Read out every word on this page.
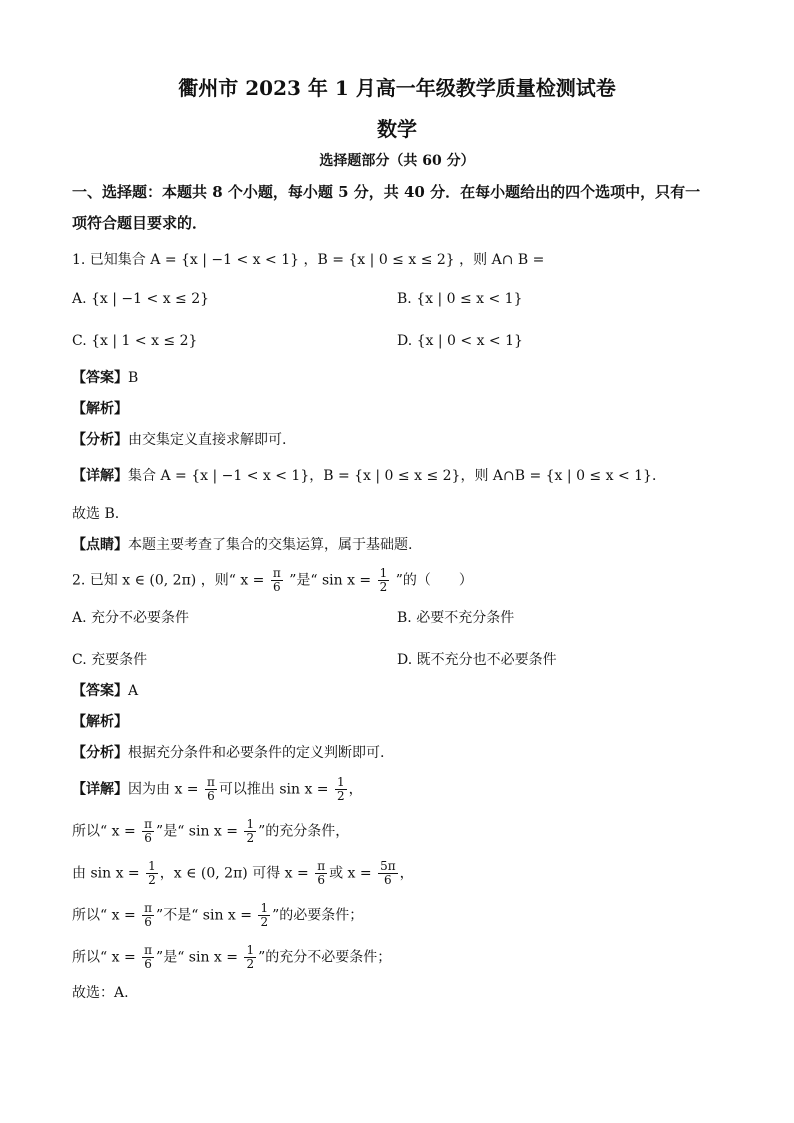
衢州市 2023 年 1 月高一年级教学质量检测试卷
数学
选择题部分（共 60 分）
一、选择题：本题共 8 个小题，每小题 5 分，共 40 分．在每小题给出的四个选项中，只有一
项符合题目要求的．
1. 已知集合 A = {x | −1 < x < 1} ，B = {x | 0 ≤ x ≤ 2} ，则 A∩ B =
A. {x | −1 < x ≤ 2}	B. {x | 0 ≤ x < 1}
C. {x | 1 < x ≤ 2}	D. {x | 0 < x < 1}
【答案】B
【解析】
【分析】由交集定义直接求解即可.
【详解】集合 A = {x | −1 < x < 1}，B = {x | 0 ≤ x ≤ 2}，则 A∩B = {x | 0 ≤ x < 1}．
故选 B.
【点睛】本题主要考查了集合的交集运算，属于基础题.
2. 已知 x ∈ (0, 2π) ，则“ $x = \frac{\pi}{6}$ ”是“ $\sin x = \frac{1}{2}$ ”的（　　）
A. 充分不必要条件	B. 必要不充分条件
C. 充要条件	D. 既不充分也不必要条件
【答案】A
【解析】
【分析】根据充分条件和必要条件的定义判断即可.
【详解】因为由 $x = \frac{\pi}{6}$ 可以推出 $\sin x = \frac{1}{2}$ ，
所以“ $x = \frac{\pi}{6}$ ”是“ $\sin x = \frac{1}{2}$ ”的充分条件，
由 $\sin x = \frac{1}{2}$ ，x ∈ (0, 2π) 可得 $x = \frac{\pi}{6}$ 或 $x = \frac{5\pi}{6}$ ，
所以“ $x = \frac{\pi}{6}$ ”不是“ $\sin x = \frac{1}{2}$ ”的必要条件；
所以“ $x = \frac{\pi}{6}$ ”是“ $\sin x = \frac{1}{2}$ ”的充分不必要条件；
故选：A.
